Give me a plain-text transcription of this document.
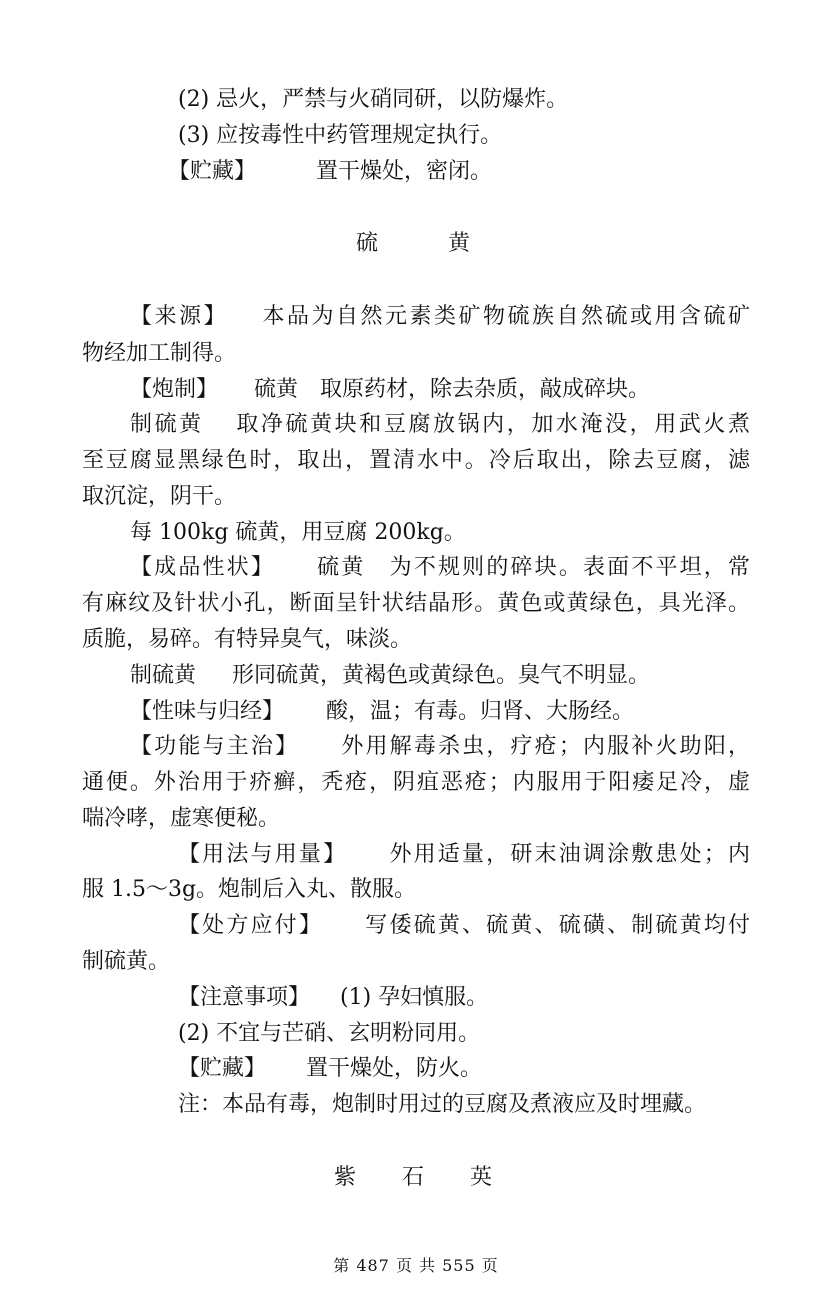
(2) 忌火，严禁与火硝同研，以防爆炸。
(3) 应按毒性中药管理规定执行。
【贮藏】	置干燥处，密闭。
硫	黄
【来源】 本品为自然元素类矿物硫族自然硫或用含硫矿
物经加工制得。
【炮制】 硫黄　取原药材，除去杂质，敲成碎块。
制硫黄 取净硫黄块和豆腐放锅内，加水淹没，用武火煮
至豆腐显黑绿色时，取出，置清水中。冷后取出，除去豆腐，滤
取沉淀，阴干。
每 100kg 硫黄，用豆腐 200kg。
【成品性状】 硫黄　为不规则的碎块。表面不平坦，常
有麻纹及针状小孔，断面呈针状结晶形。黄色或黄绿色，具光泽。
质脆，易碎。有特异臭气，味淡。
制硫黄 形同硫黄，黄褐色或黄绿色。臭气不明显。
【性味与归经】 酸，温；有毒。归肾、大肠经。
【功能与主治】 外用解毒杀虫，疗疮；内服补火助阳，
通便。外治用于疥癣，秃疮，阴疽恶疮；内服用于阳痿足冷，虚
喘冷哮，虚寒便秘。
【用法与用量】 外用适量，研末油调涂敷患处；内
服 1.5～3g。炮制后入丸、散服。
【处方应付】 写倭硫黄、硫黄、硫磺、制硫黄均付
制硫黄。
【注意事项】 (1) 孕妇慎服。
(2) 不宜与芒硝、玄明粉同用。
【贮藏】 置干燥处，防火。
注：本品有毒，炮制时用过的豆腐及煮液应及时埋藏。
紫 石 英
第 487 页 共 555 页
